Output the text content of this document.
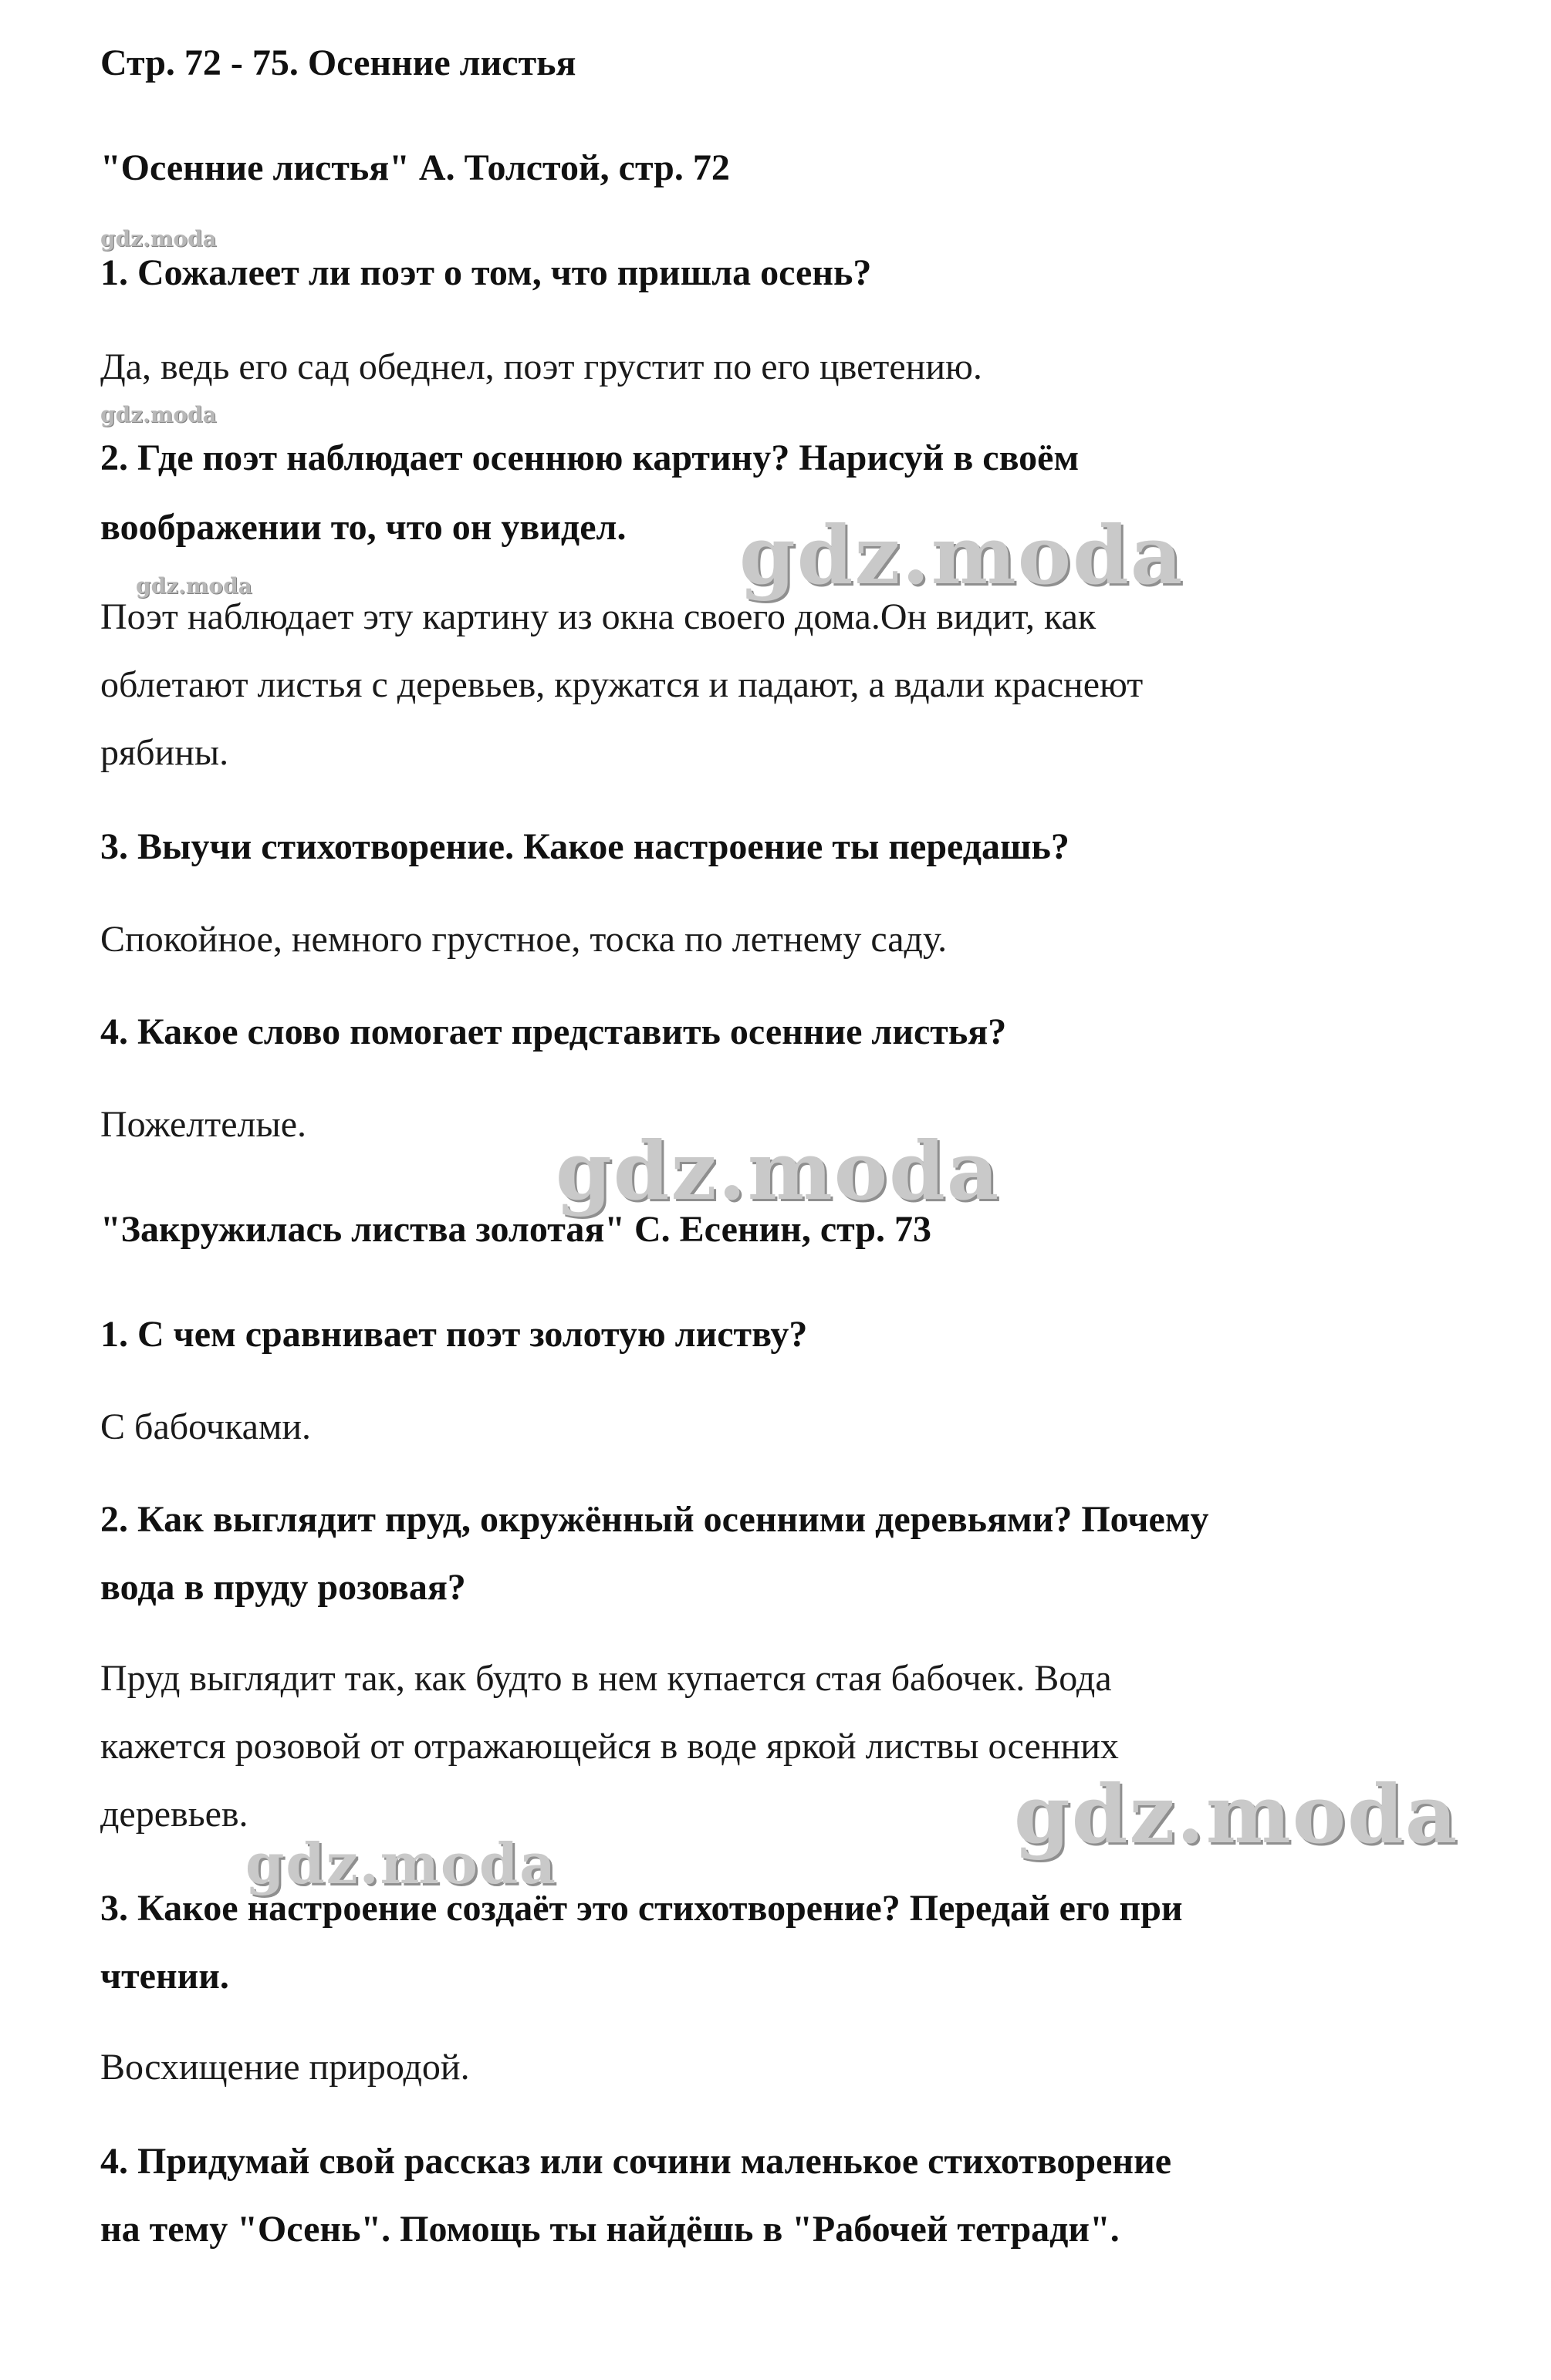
gdz.moda
gdz.moda
gdz.moda	gdz.moda
gdz.moda
gdz.moda
gdz.moda
Стр. 72 - 75. Осенние листья
"Осенние листья" А. Толстой, стр. 72
1. Сожалеет ли поэт о том, что пришла осень?
Да, ведь его сад обеднел, поэт грустит по его цветению.
2. Где поэт наблюдает осеннюю картину? Нарисуй в своём
воображении то, что он увидел.
Поэт наблюдает эту картину из окна своего дома.Он видит, как
облетают листья с деревьев, кружатся и падают, а вдали краснеют
рябины.
3. Выучи стихотворение. Какое настроение ты передашь?
Спокойное, немного грустное, тоска по летнему саду.
4. Какое слово помогает представить осенние листья?
Пожелтелые.
"Закружилась листва золотая" С. Есенин, стр. 73
1. С чем сравнивает поэт золотую листву?
С бабочками.
2. Как выглядит пруд, окружённый осенними деревьями? Почему
вода в пруду розовая?
Пруд выглядит так, как будто в нем купается стая бабочек. Вода
кажется розовой от отражающейся в воде яркой листвы осенних
деревьев.
3. Какое настроение создаёт это стихотворение? Передай его при
чтении.
Восхищение природой.
4. Придумай свой рассказ или сочини маленькое стихотворение
на тему "Осень". Помощь ты найдёшь в "Рабочей тетради".
